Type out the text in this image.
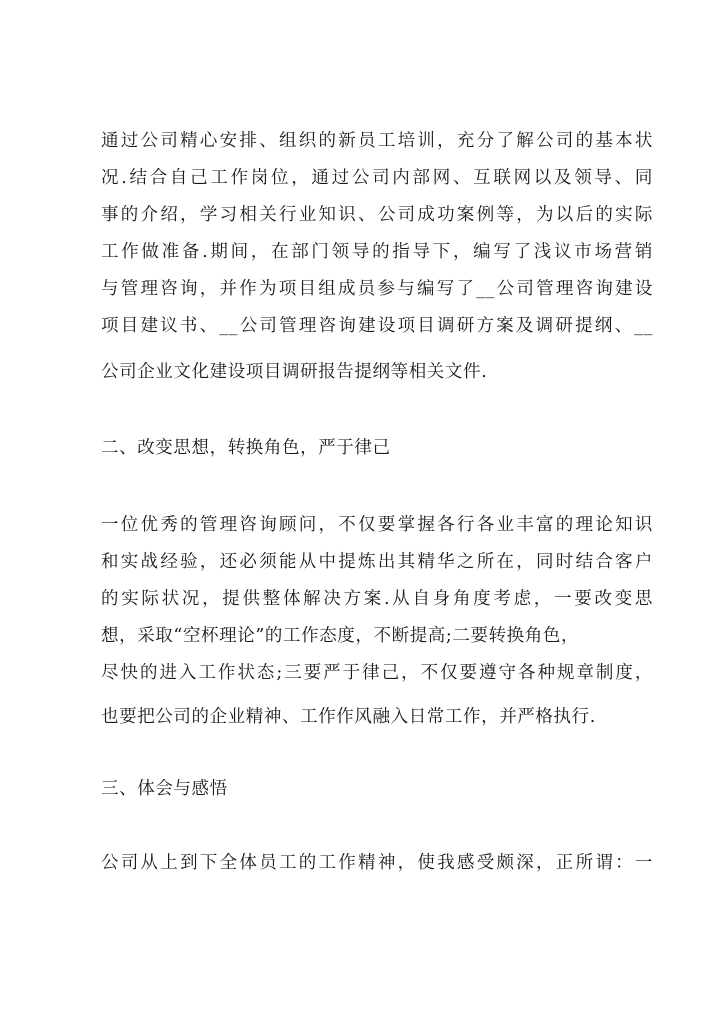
通过公司精心安排、组织的新员工培训，充分了解公司的基本状
况.结合自己工作岗位，通过公司内部网、互联网以及领导、同
事的介绍，学习相关行业知识、公司成功案例等，为以后的实际
工作做准备.期间，在部门领导的指导下，编写了浅议市场营销
与管理咨询，并作为项目组成员参与编写了__公司管理咨询建设
项目建议书、__公司管理咨询建设项目调研方案及调研提纲、__
公司企业文化建设项目调研报告提纲等相关文件.
二、改变思想，转换角色，严于律己
一位优秀的管理咨询顾问，不仅要掌握各行各业丰富的理论知识
和实战经验，还必须能从中提炼出其精华之所在，同时结合客户
的实际状况，提供整体解决方案.从自身角度考虑，一要改变思
想，采取“空杯理论”的工作态度，不断提高;二要转换角色，
尽快的进入工作状态;三要严于律己，不仅要遵守各种规章制度，
也要把公司的企业精神、工作作风融入日常工作，并严格执行.
三、体会与感悟
公司从上到下全体员工的工作精神，使我感受颇深，正所谓：一
